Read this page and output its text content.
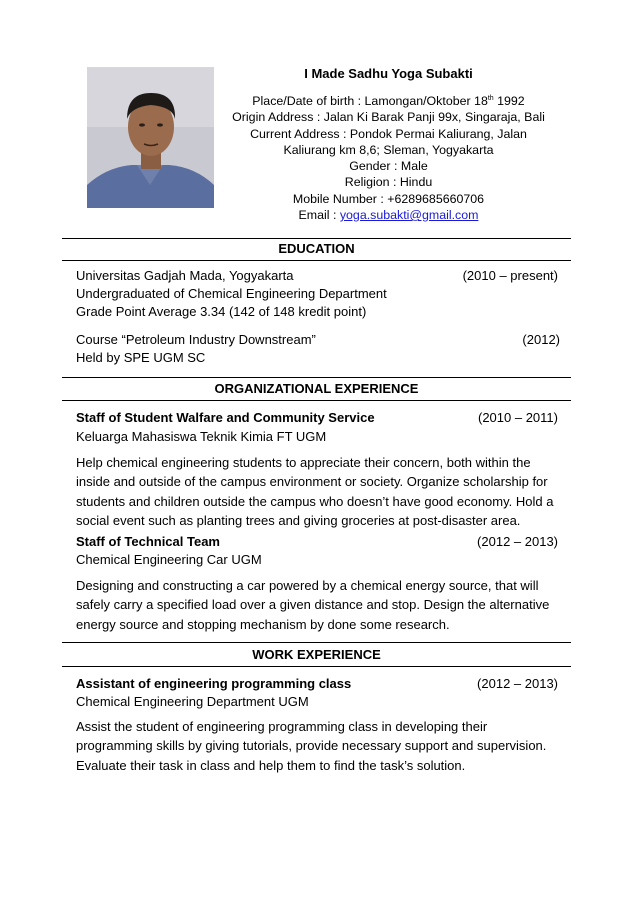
I Made Sadhu Yoga Subakti
Place/Date of birth : Lamongan/Oktober 18th 1992
Origin Address : Jalan Ki Barak Panji 99x, Singaraja, Bali
Current Address : Pondok Permai Kaliurang, Jalan
Kaliurang km 8,6; Sleman, Yogyakarta
Gender : Male
Religion : Hindu
Mobile Number : +6289685660706
Email : yoga.subakti@gmail.com
EDUCATION
Universitas Gadjah Mada, Yogyakarta	(2010 – present)
Undergraduated of Chemical Engineering Department
Grade Point Average 3.34 (142 of 148 kredit point)
Course “Petroleum Industry Downstream”	(2012)
Held by SPE UGM SC
ORGANIZATIONAL EXPERIENCE
Staff of Student Walfare and Community Service	(2010 – 2011)
Keluarga Mahasiswa Teknik Kimia FT UGM
Help chemical engineering students to appreciate their concern, both within the
inside and outside of the campus environment or society. Organize scholarship for
students and children outside the campus who doesn’t have good economy. Hold a
social event such as planting trees and giving groceries at post-disaster area.
Staff of Technical Team	(2012 – 2013)
Chemical Engineering Car UGM
Designing and constructing a car powered by a chemical energy source, that will
safely carry a specified load over a given distance and stop. Design the alternative
energy source and stopping mechanism by done some research.
WORK EXPERIENCE
Assistant of engineering programming class	(2012 – 2013)
Chemical Engineering Department UGM
Assist the student of engineering programming class in developing their
programming skills by giving tutorials, provide necessary support and supervision.
Evaluate their task in class and help them to find the task’s solution.
